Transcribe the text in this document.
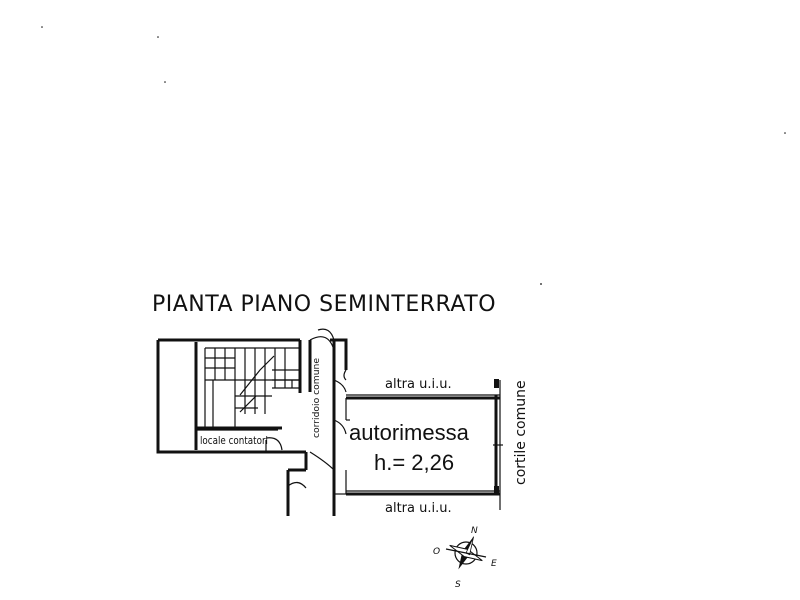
PIANTA PIANO SEMINTERRATO
locale contatori
corridoio comune	altra u.i.u.
autorimessa
h.= 2,26
altra u.i.u.
cortile comune
N
O
E
S
